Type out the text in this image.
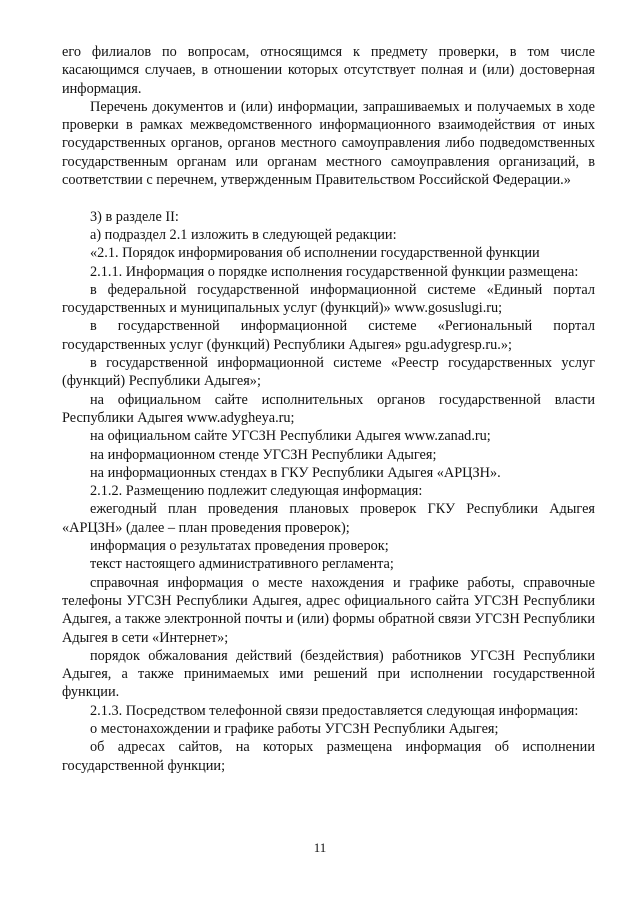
его филиалов по вопросам, относящимся к предмету проверки, в том числе касающимся случаев, в отношении которых отсутствует полная и (или) достоверная информация.

Перечень документов и (или) информации, запрашиваемых и получаемых в ходе проверки в рамках межведомственного информационного взаимодействия от иных государственных органов, органов местного самоуправления либо подведомственных государственным органам или органам местного самоуправления организаций, в соответствии с перечнем, утвержденным Правительством Российской Федерации.»

3) в разделе II:

а) подраздел 2.1 изложить в следующей редакции:

«2.1. Порядок информирования об исполнении государственной функции

2.1.1. Информация о порядке исполнения государственной функции размещена:

в федеральной государственной информационной системе «Единый портал государственных и муниципальных услуг (функций)» www.gosuslugi.ru;

в государственной информационной системе «Региональный портал государственных услуг (функций) Республики Адыгея» pgu.adygresp.ru.»;

в государственной информационной системе «Реестр государственных услуг (функций) Республики Адыгея»;

на официальном сайте исполнительных органов государственной власти Республики Адыгея www.adygheya.ru;

на официальном сайте УГСЗН Республики Адыгея www.zanad.ru;

на информационном стенде УГСЗН Республики Адыгея;

на информационных стендах в ГКУ Республики Адыгея «АРЦЗН».

2.1.2. Размещению подлежит следующая информация:

ежегодный план проведения плановых проверок ГКУ Республики Адыгея «АРЦЗН» (далее – план проведения проверок);

информация о результатах проведения проверок;

текст настоящего административного регламента;

справочная информация о месте нахождения и графике работы, справочные телефоны УГСЗН Республики Адыгея, адрес официального сайта УГСЗН Республики Адыгея, а также электронной почты и (или) формы обратной связи УГСЗН Республики Адыгея в сети «Интернет»;

порядок обжалования действий (бездействия) работников УГСЗН Республики Адыгея, а также принимаемых ими решений при исполнении государственной функции.

2.1.3. Посредством телефонной связи предоставляется следующая информация:

о местонахождении и графике работы УГСЗН Республики Адыгея;

об адресах сайтов, на которых размещена информация об исполнении государственной функции;

11
